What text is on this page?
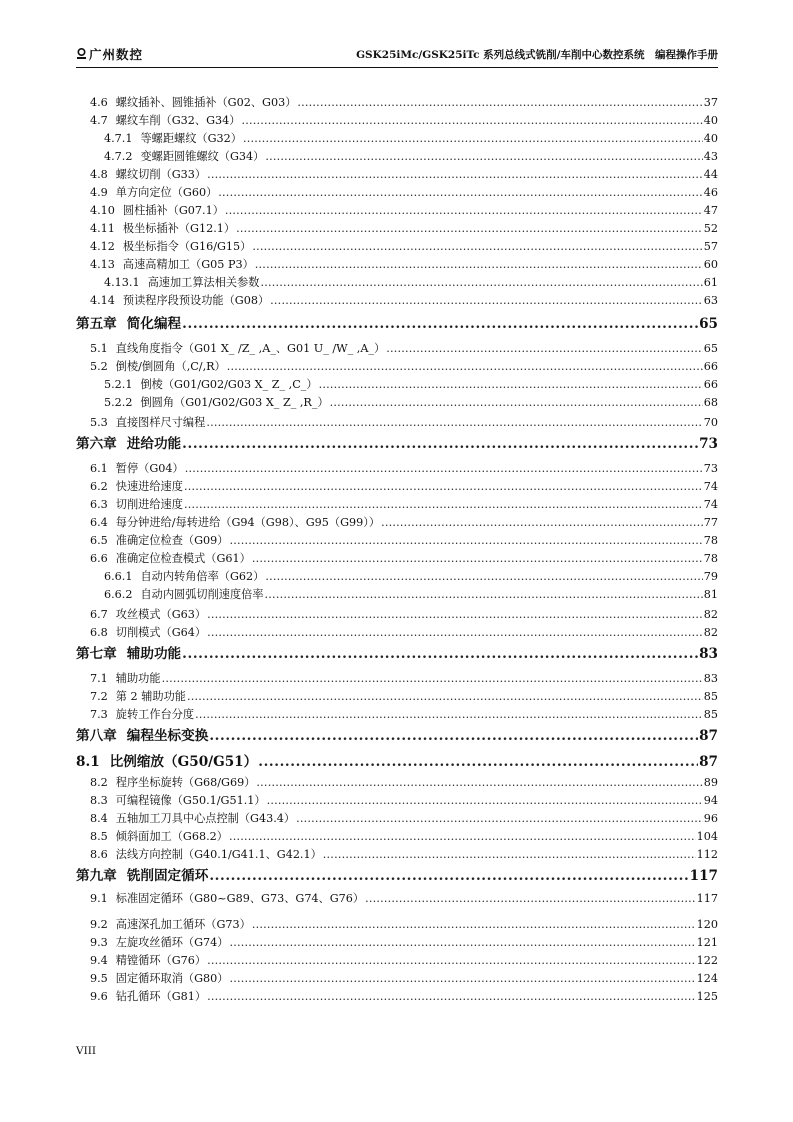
广州数控	GSK25iMc/GSK25iTc 系列总线式铣削/车削中心数控系统　编程操作手册
4.6 螺纹插补、圆锥插补（G02、G03） .....	37
4.7 螺纹车削（G32、G34） .....	40
4.7.1 等螺距螺纹（G32） .....	40
4.7.2 变螺距圆锥螺纹（G34） .....	43
4.8 螺纹切削（G33） .....	44
4.9 单方向定位（G60） .....	46
4.10 圆柱插补（G07.1） .....	47
4.11 极坐标插补（G12.1） .....	52
4.12 极坐标指令（G16/G15） .....	57
4.13 高速高精加工（G05 P3） .....	60
4.13.1 高速加工算法相关参数 .....	61
4.14 预读程序段预设功能（G08） .....	63
第五章 简化编程 .....	65
5.1 直线角度指令（G01 X_ /Z_ ,A_、G01 U_ /W_ ,A_） .....	65
5.2 倒棱/倒圆角（,C/,R） .....	66
5.2.1 倒棱（G01/G02/G03 X_ Z_ ,C_） .....	66
5.2.2 倒圆角（G01/G02/G03 X_ Z_ ,R_） .....	68
5.3 直接图样尺寸编程 .....	70
第六章 进给功能 .....	73
6.1 暂停（G04） .....	73
6.2 快速进给速度 .....	74
6.3 切削进给速度 .....	74
6.4 每分钟进给/每转进给（G94（G98）、G95（G99）） .....	77
6.5 准确定位检查（G09） .....	78
6.6 准确定位检查模式（G61） .....	78
6.6.1 自动内转角倍率（G62） .....	79
6.6.2 自动内圆弧切削速度倍率 .....	81
6.7 攻丝模式（G63） .....	82
6.8 切削模式（G64） .....	82
第七章 辅助功能 .....	83
7.1 辅助功能 .....	83
7.2 第 2 辅助功能 .....	85
7.3 旋转工作台分度 .....	85
第八章 编程坐标变换 .....	87
8.1 比例缩放（G50/G51） .....	87
8.2 程序坐标旋转（G68/G69） .....	89
8.3 可编程镜像（G50.1/G51.1） .....	94
8.4 五轴加工刀具中心点控制（G43.4） .....	96
8.5 倾斜面加工（G68.2） .....	104
8.6 法线方向控制（G40.1/G41.1、G42.1） .....	112
第九章 铣削固定循环 .....	117
9.1 标准固定循环（G80~G89、G73、G74、G76） .....	117
9.2 高速深孔加工循环（G73） .....	120
9.3 左旋攻丝循环（G74） .....	121
9.4 精镗循环（G76） .....	122
9.5 固定循环取消（G80） .....	124
9.6 钻孔循环（G81） .....	125
VIII
